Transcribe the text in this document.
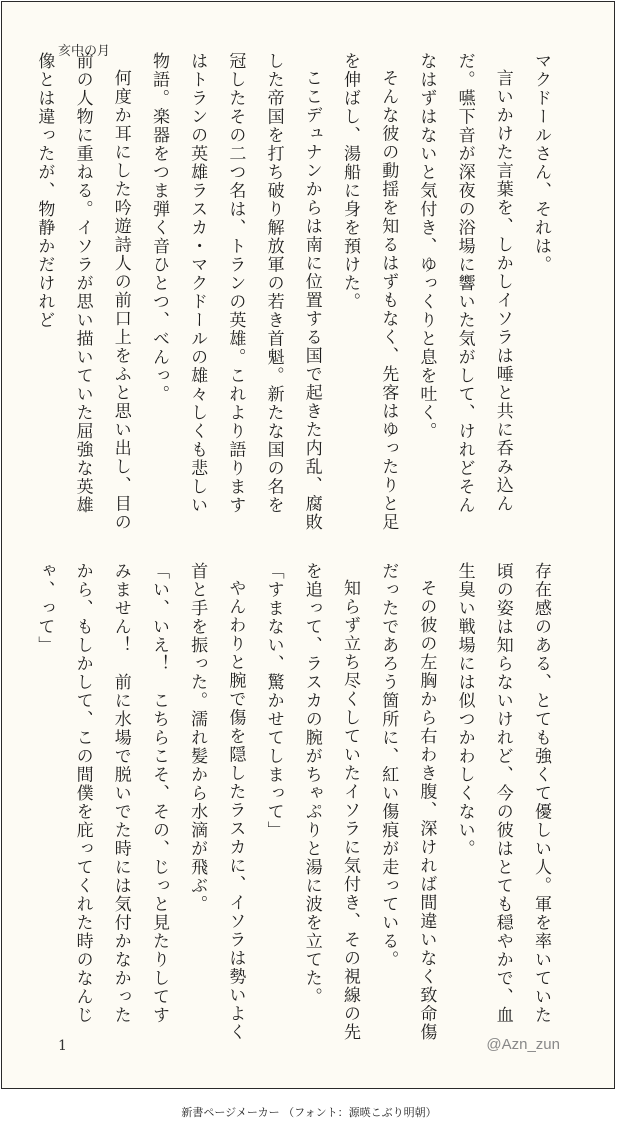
亥中の月

マクドールさん、それは。

言いかけた言葉を、しかしイソラは唾と共に呑み込んだ。嚥下音が深夜の浴場に響いた気がして、けれどそんなはずはないと気付き、ゆっくりと息を吐く。

そんな彼の動揺を知るはずもなく、先客はゆったりと足を伸ばし、湯船に身を預けた。

ここデュナンからは南に位置する国で起きた内乱、腐敗した帝国を打ち破り解放軍の若き首魁。新たな国の名を冠したその二つ名は、トランの英雄。これより語りますはトランの英雄ラスカ・マクドールの雄々しくも悲しい物語。楽器をつま弾く音ひとつ、べんっ。

何度か耳にした吟遊詩人の前口上をふと思い出し、目の前の人物に重ねる。イソラが思い描いていた屈強な英雄像とは違ったが、物静かだけれど

存在感のある、とても強くて優しい人。軍を率いていた頃の姿は知らないけれど、今の彼はとても穏やかで、血生臭い戦場には似つかわしくない。

その彼の左胸から右わき腹、深ければ間違いなく致命傷だったであろう箇所に、紅い傷痕が走っている。

知らず立ち尽くしていたイソラに気付き、その視線の先を追って、ラスカの腕がちゃぷりと湯に波を立てた。

「すまない、驚かせてしまって」

やんわりと腕で傷を隠したラスカに、イソラは勢いよく首と手を振った。濡れ髪から水滴が飛ぶ。

「い、いえ！　こちらこそ、その、じっと見たりしてすみません！　前に水場で脱いでた時には気付かなかったから、もしかして、この間僕を庇ってくれた時のなんじゃ、って」

1	@Azn_zun
新書ページメーカー （フォント：源暎こぶり明朝）
